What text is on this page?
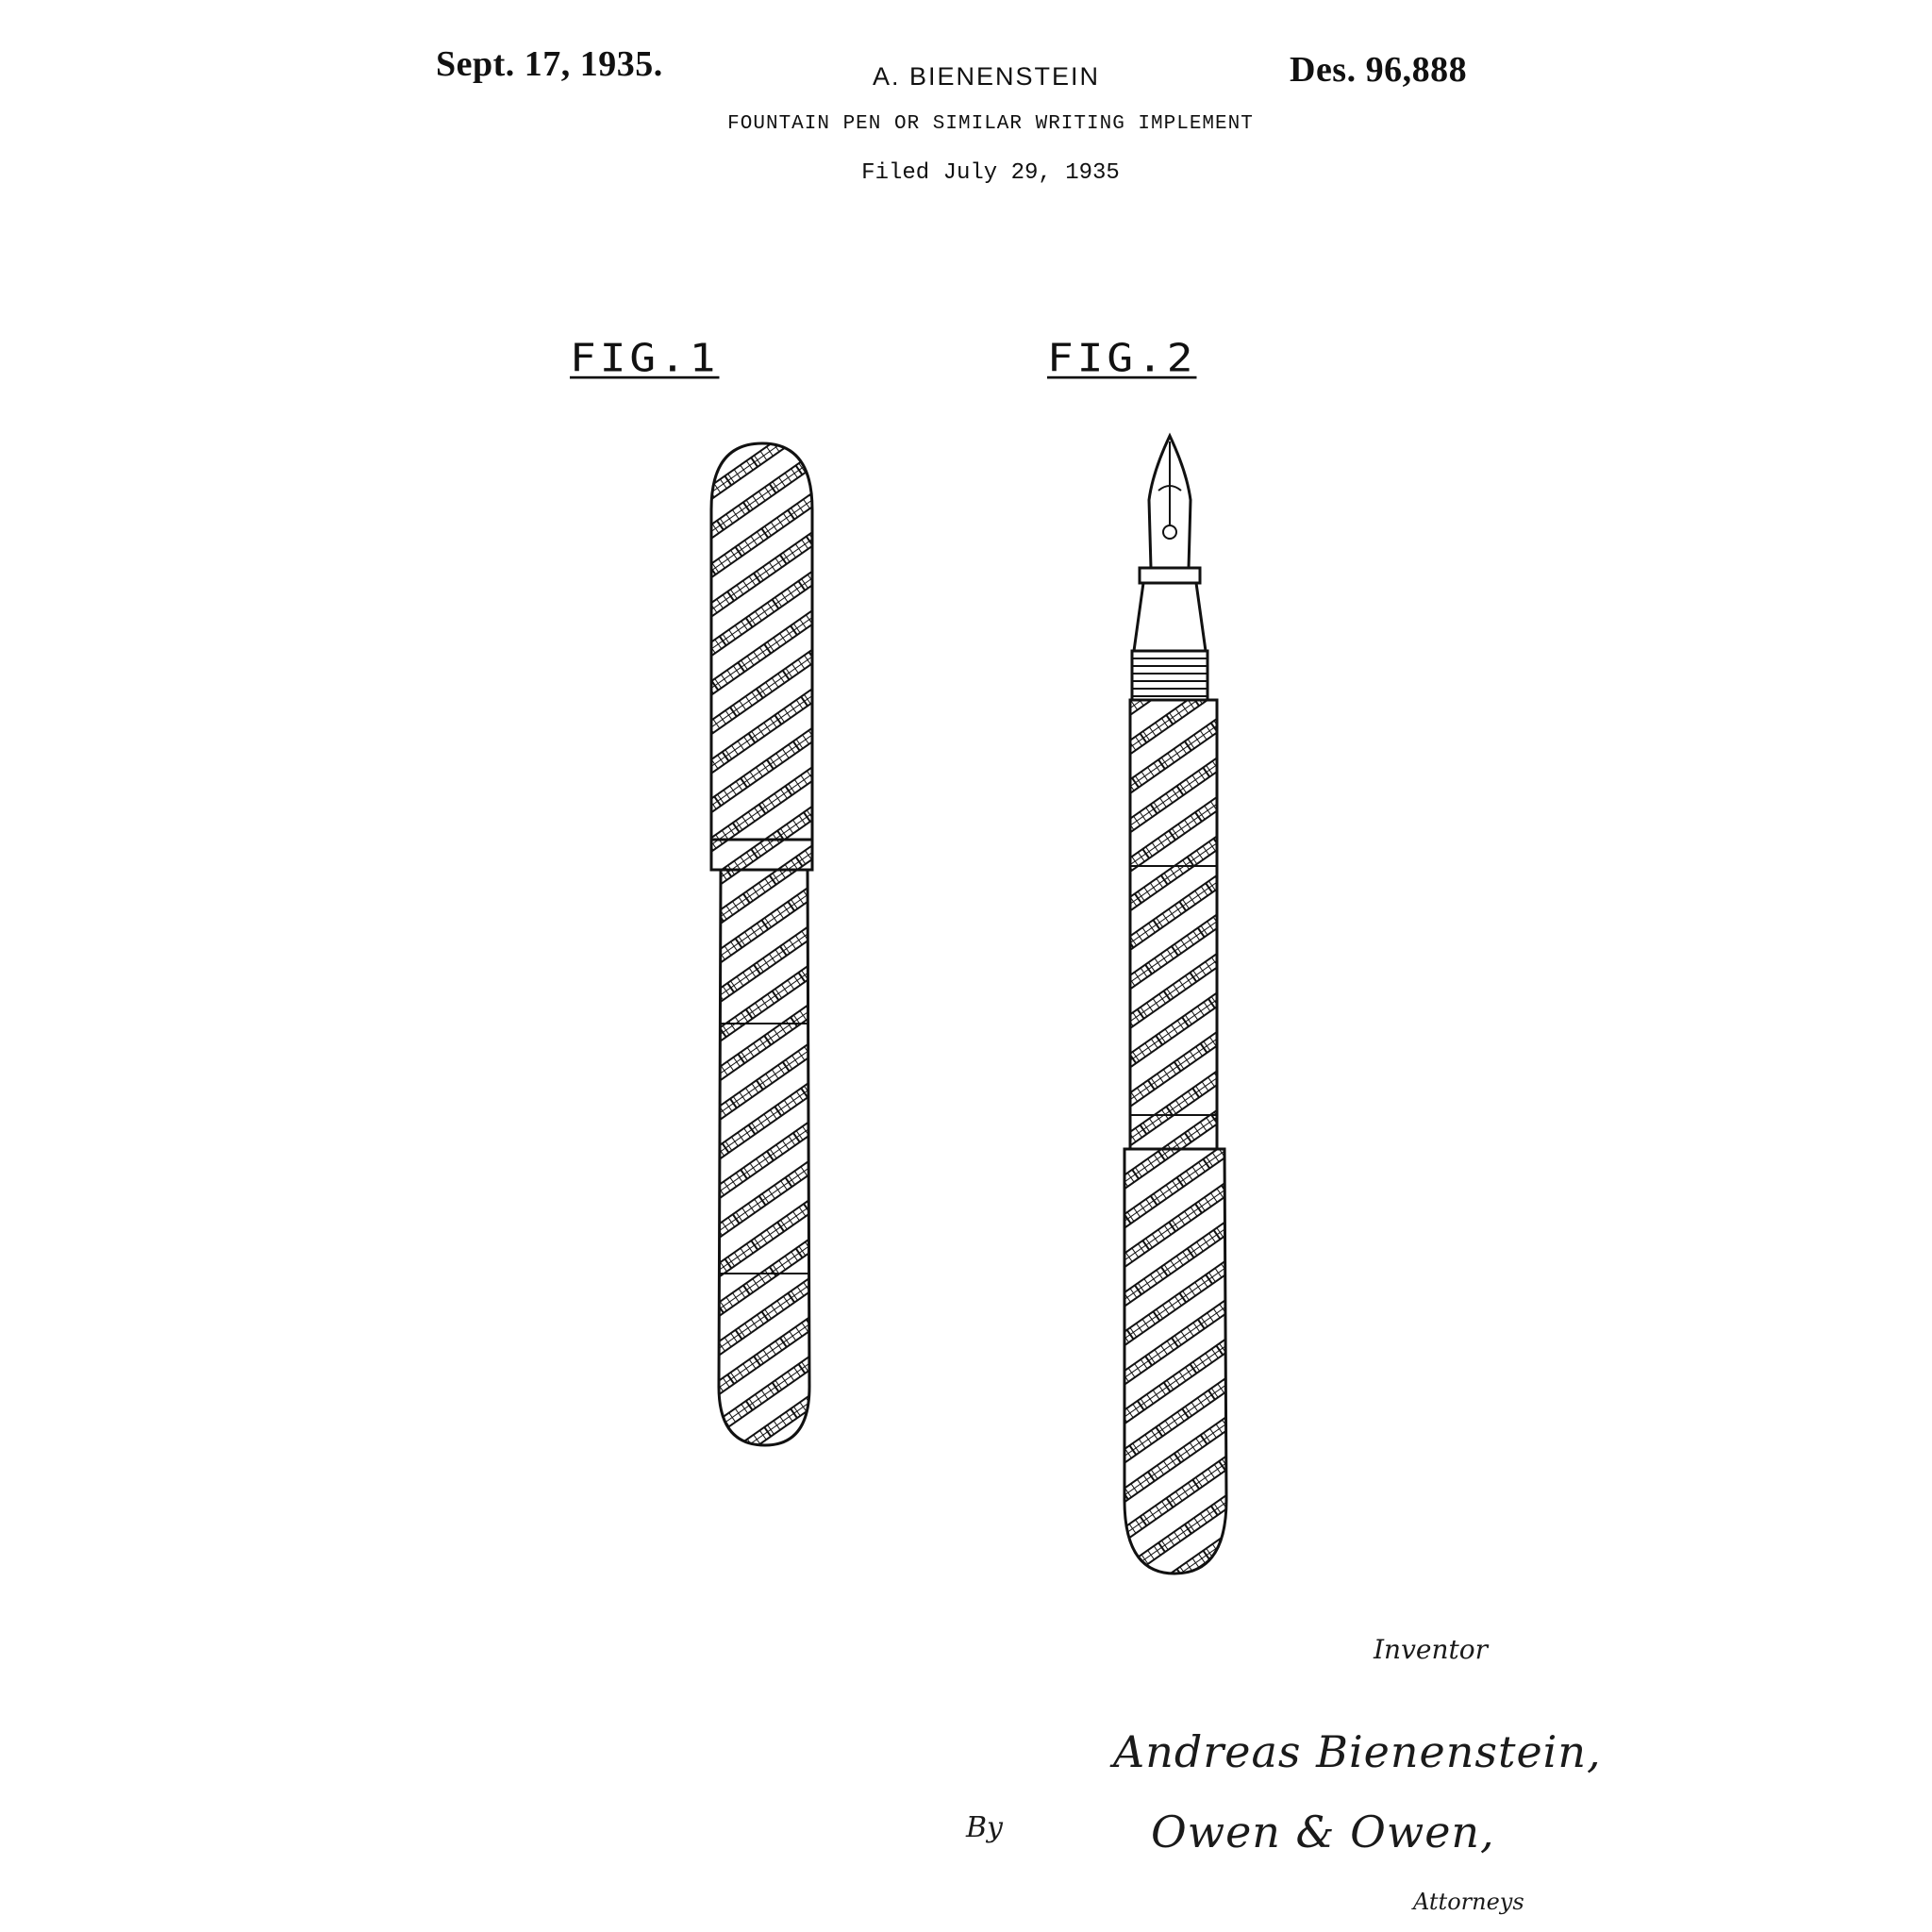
Sept. 17, 1935.	A. BIENENSTEIN	Des. 96,888
FOUNTAIN PEN OR SIMILAR WRITING IMPLEMENT
Filed July 29, 1935
FIG.1	FIG.2
Inventor
Andreas Bienenstein,
By	Owen & Owen,
Attorneys
